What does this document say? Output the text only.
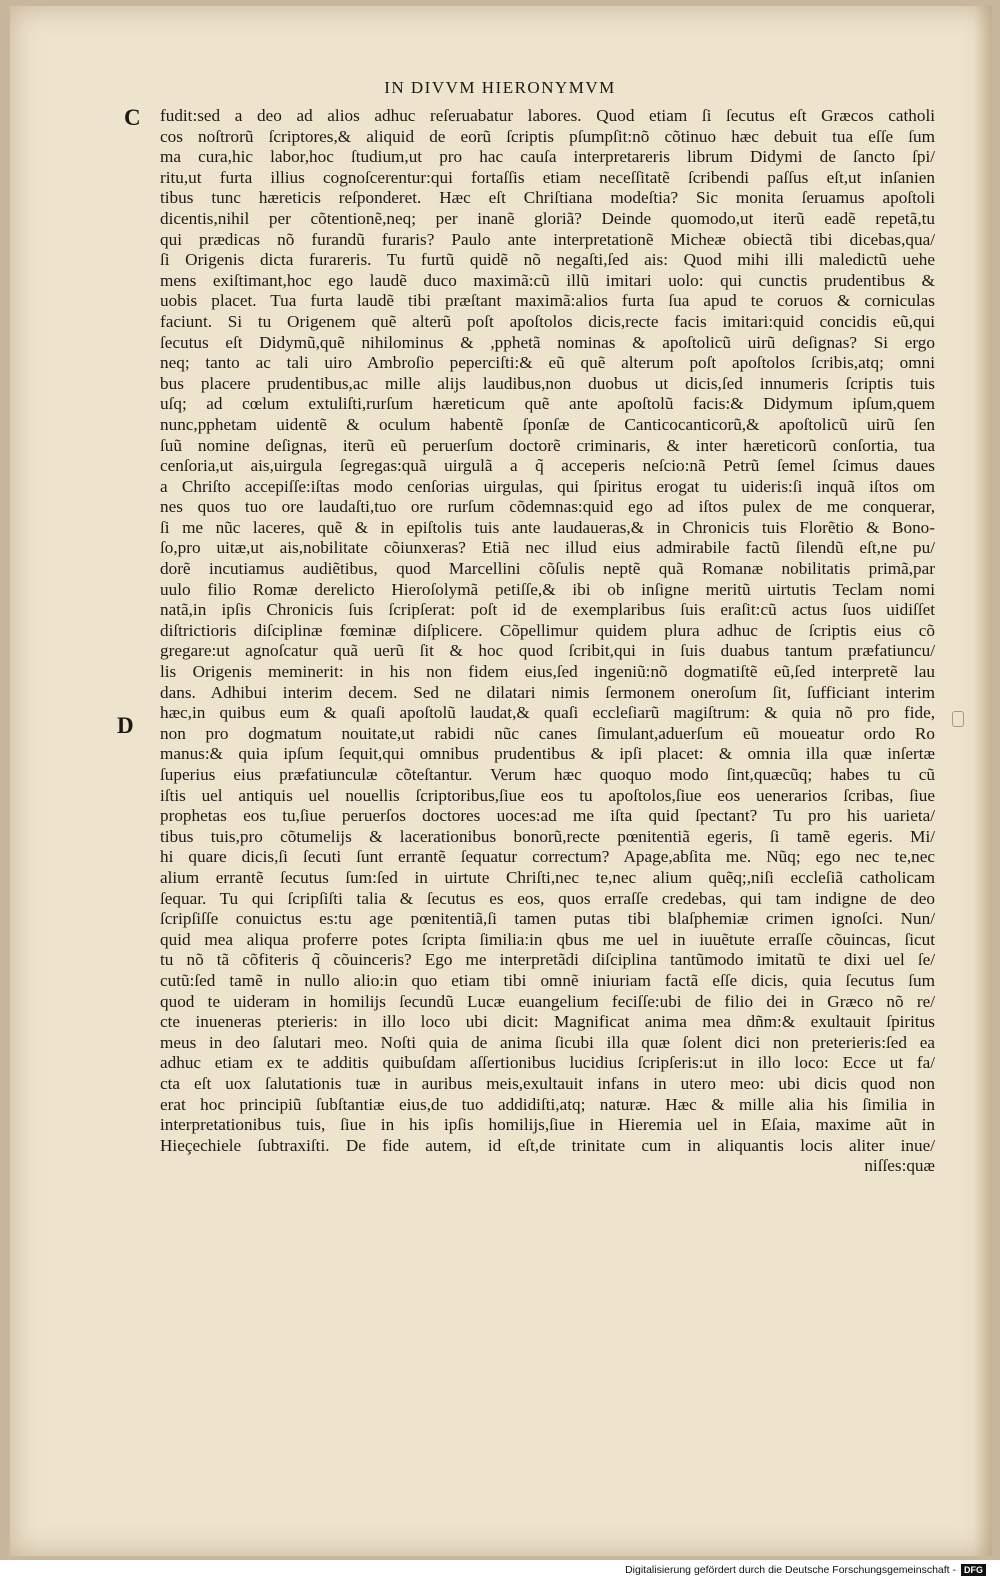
IN DIVVM HIERONYMVM
C
D
fudit:sed a deo ad alios adhuc reſeruabatur labores. Quod etiam ſi ſecutus eſt Græcos catholi
cos noſtrorũ ſcriptores,& aliquid de eorũ ſcriptis pſumpſit:nõ cõtinuo hæc debuit tua eſſe ſum
ma cura,hic labor,hoc ſtudium,ut pro hac cauſa interpretareris librum Didymi de ſancto ſpi/
ritu,ut furta illius cognoſcerentur:qui fortaſſis etiam neceſſitatẽ ſcribendi paſſus eſt,ut inſanien
tibus tunc hæreticis reſponderet. Hæc eſt Chriſtiana modeſtia? Sic monita ſeruamus apoſtoli
dicentis,nihil per cõtentionẽ,neq; per inanẽ gloriã? Deinde quomodo,ut iterũ eadẽ repetã,tu
qui prædicas nõ furandũ furaris? Paulo ante interpretationẽ Micheæ obiectã tibi dicebas,qua/
ſi Origenis dicta furareris. Tu furtũ quidẽ nõ negaſti,ſed ais: Quod mihi illi maledictũ uehe
mens exiſtimant,hoc ego laudẽ duco maximã:cũ illũ imitari uolo: qui cunctis prudentibus &
uobis placet. Tua furta laudẽ tibi præſtant maximã:alios furta ſua apud te coruos & corniculas
faciunt. Si tu Origenem quẽ alterũ poſt apoſtolos dicis,recte facis imitari:quid concidis eũ,qui
ſecutus eſt Didymũ,quẽ nihilominus & ,pphetã nominas & apoſtolicũ uirũ deſignas? Si ergo
neq; tanto ac tali uiro Ambroſio peperciſti:& eũ quẽ alterum poſt apoſtolos ſcribis,atq; omni
bus placere prudentibus,ac mille alijs laudibus,non duobus ut dicis,ſed innumeris ſcriptis tuis
uſq; ad cœlum extuliſti,rurſum hæreticum quẽ ante apoſtolũ facis:& Didymum ipſum,quem
nunc,pphetam uidentẽ & oculum habentẽ ſponſæ de Canticocanticorũ,& apoſtolicũ uirũ ſen
ſuũ nomine deſignas, iterũ eũ peruerſum doctorẽ criminaris, & inter hæreticorũ conſortia, tua
cenſoria,ut ais,uirgula ſegregas:quã uirgulã a q̃ acceperis neſcio:nã Petrũ ſemel ſcimus daues
a Chriſto accepiſſe:iſtas modo cenſorias uirgulas, qui ſpiritus erogat tu uideris:ſi inquã iſtos om
nes quos tuo ore laudaſti,tuo ore rurſum cõdemnas:quid ego ad iſtos pulex de me conquerar,
ſi me nũc laceres, quẽ & in epiſtolis tuis ante laudaueras,& in Chronicis tuis Florẽtio & Bono-
ſo,pro uitæ,ut ais,nobilitate cõiunxeras? Etiã nec illud eius admirabile factũ ſilendũ eſt,ne pu/
dorẽ incutiamus audiẽtibus, quod Marcellini cõſulis neptẽ quã Romanæ nobilitatis primã,par
uulo filio Romæ derelicto Hieroſolymã petiſſe,& ibi ob inſigne meritũ uirtutis Teclam nomi
natã,in ipſis Chronicis ſuis ſcripſerat: poſt id de exemplaribus ſuis eraſit:cũ actus ſuos uidiſſet
diſtrictioris diſciplinæ fœminæ diſplicere. Cõpellimur quidem plura adhuc de ſcriptis eius cõ
gregare:ut agnoſcatur quã uerũ ſit & hoc quod ſcribit,qui in ſuis duabus tantum præfatiuncu/
lis Origenis meminerit: in his non fidem eius,ſed ingeniũ:nõ dogmatiſtẽ eũ,ſed interpretẽ lau
dans. Adhibui interim decem. Sed ne dilatari nimis ſermonem oneroſum ſit, ſufficiant interim
hæc,in quibus eum & quaſi apoſtolũ laudat,& quaſi eccleſiarũ magiſtrum: & quia nõ pro fide,
non pro dogmatum nouitate,ut rabidi nũc canes ſimulant,aduerſum eũ moueatur ordo Ro
manus:& quia ipſum ſequit,qui omnibus prudentibus & ipſi placet: & omnia illa quæ inſertæ
ſuperius eius præfatiunculæ cõteſtantur. Verum hæc quoquo modo ſint,quæcũq; habes tu cũ
iſtis uel antiquis uel nouellis ſcriptoribus,ſiue eos tu apoſtolos,ſiue eos uenerarios ſcribas, ſiue
prophetas eos tu,ſiue peruerſos doctores uoces:ad me iſta quid ſpectant? Tu pro his uarieta/
tibus tuis,pro cõtumelijs & lacerationibus bonorũ,recte pœnitentiã egeris, ſi tamẽ egeris. Mi/
hi quare dicis,ſi ſecuti ſunt errantẽ ſequatur correctum? Apage,abſita me. Nũq; ego nec te,nec
alium errantẽ ſecutus ſum:ſed in uirtute Chriſti,nec te,nec alium quẽq;,niſi eccleſiã catholicam
ſequar. Tu qui ſcripſiſti talia & ſecutus es eos, quos erraſſe credebas, qui tam indigne de deo
ſcripſiſſe conuictus es:tu age pœnitentiã,ſi tamen putas tibi blaſphemiæ crimen ignoſci. Nun/
quid mea aliqua proferre potes ſcripta ſimilia:in qbus me uel in iuuẽtute erraſſe cõuincas, ſicut
tu nõ tã cõfiteris q̃ cõuinceris? Ego me interpretãdi diſciplina tantũmodo imitatũ te dixi uel ſe/
cutũ:ſed tamẽ in nullo alio:in quo etiam tibi omnẽ iniuriam factã eſſe dicis, quia ſecutus ſum
quod te uideram in homilijs ſecundũ Lucæ euangelium feciſſe:ubi de filio dei in Græco nõ re/
cte inueneras pterieris: in illo loco ubi dicit: Magnificat anima mea dñm:& exultauit ſpiritus
meus in deo ſalutari meo. Noſti quia de anima ſicubi illa quæ ſolent dici non preterieris:ſed ea
adhuc etiam ex te additis quibuſdam aſſertionibus lucidius ſcripſeris:ut in illo loco: Ecce ut fa/
cta eſt uox ſalutationis tuæ in auribus meis,exultauit infans in utero meo: ubi dicis quod non
erat hoc principiũ ſubſtantiæ eius,de tuo addidiſti,atq; naturæ. Hæc & mille alia his ſimilia in
interpretationibus tuis, ſiue in his ipſis homilijs,ſiue in Hieremia uel in Eſaia, maxime aũt in
Hieçechiele ſubtraxiſti. De fide autem, id eſt,de trinitate cum in aliquantis locis aliter inue/
niſſes:quæ
Digitalisierung gefördert durch die Deutsche Forschungsgemeinschaft - DFG
